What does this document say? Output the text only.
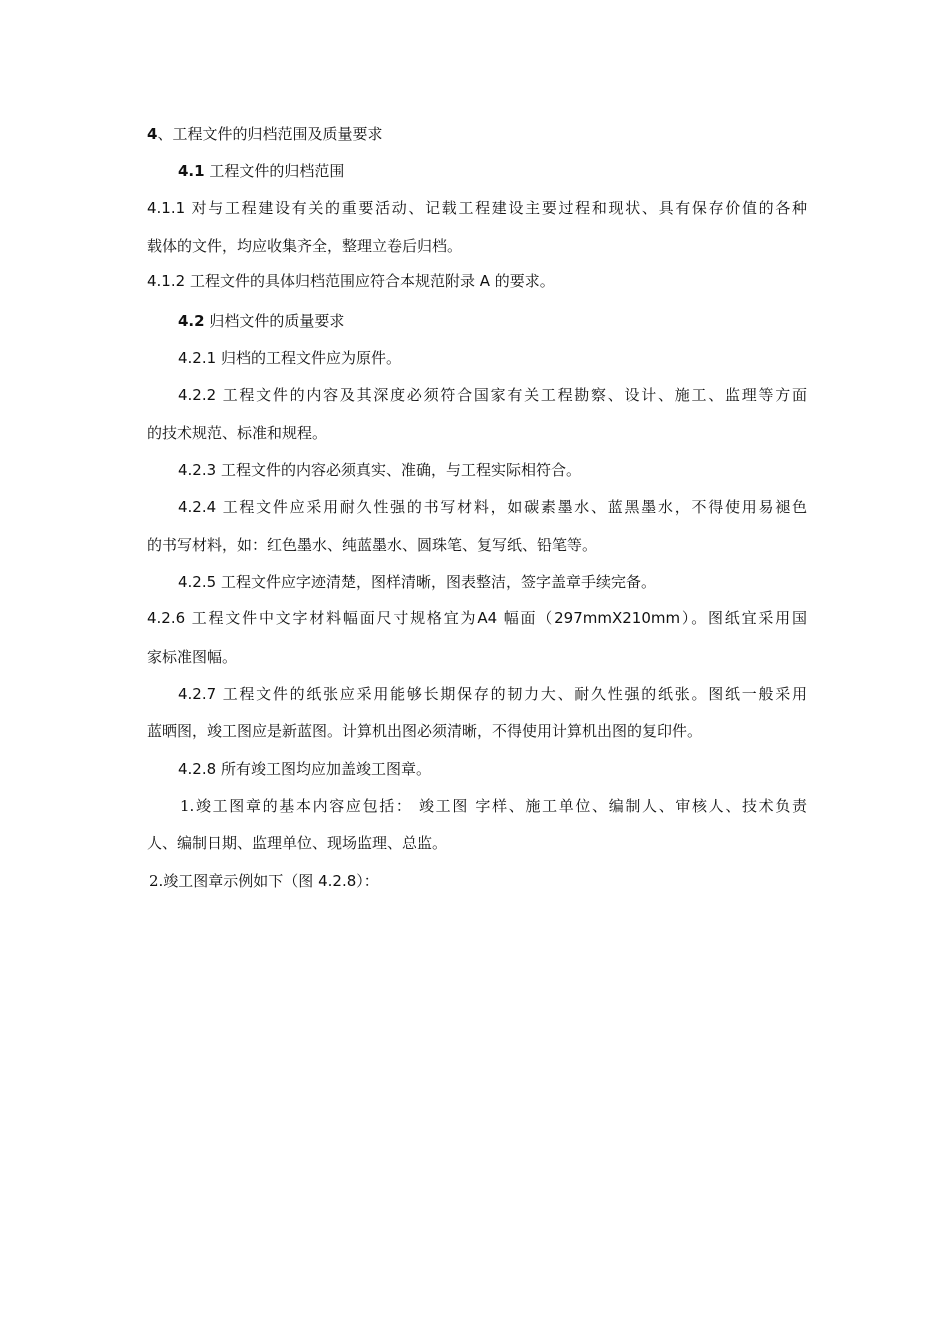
4、工程文件的归档范围及质量要求
4.1 工程文件的归档范围
4.1.1 对与工程建设有关的重要活动、记载工程建设主要过程和现状、具有保存价值的各种
载体的文件，均应收集齐全，整理立卷后归档。
4.1.2 工程文件的具体归档范围应符合本规范附录 A 的要求。
4.2 归档文件的质量要求
4.2.1 归档的工程文件应为原件。
4.2.2 工程文件的内容及其深度必须符合国家有关工程勘察、设计、施工、监理等方面
的技术规范、标准和规程。
4.2.3 工程文件的内容必须真实、准确，与工程实际相符合。
4.2.4 工程文件应采用耐久性强的书写材料，如碳素墨水、蓝黑墨水，不得使用易褪色
的书写材料，如：红色墨水、纯蓝墨水、圆珠笔、复写纸、铅笔等。
4.2.5 工程文件应字迹清楚，图样清晰，图表整洁，签字盖章手续完备。
4.2.6 工程文件中文字材料幅面尺寸规格宜为A4 幅面（297mmX210mm）。图纸宜采用国
家标准图幅。
4.2.7 工程文件的纸张应采用能够长期保存的韧力大、耐久性强的纸张。图纸一般采用
蓝晒图，竣工图应是新蓝图。计算机出图必须清晰，不得使用计算机出图的复印件。
4.2.8 所有竣工图均应加盖竣工图章。
1.竣工图章的基本内容应包括： 竣工图 字样、施工单位、编制人、审核人、技术负责
人、编制日期、监理单位、现场监理、总监。
2.竣工图章示例如下（图 4.2.8）：
